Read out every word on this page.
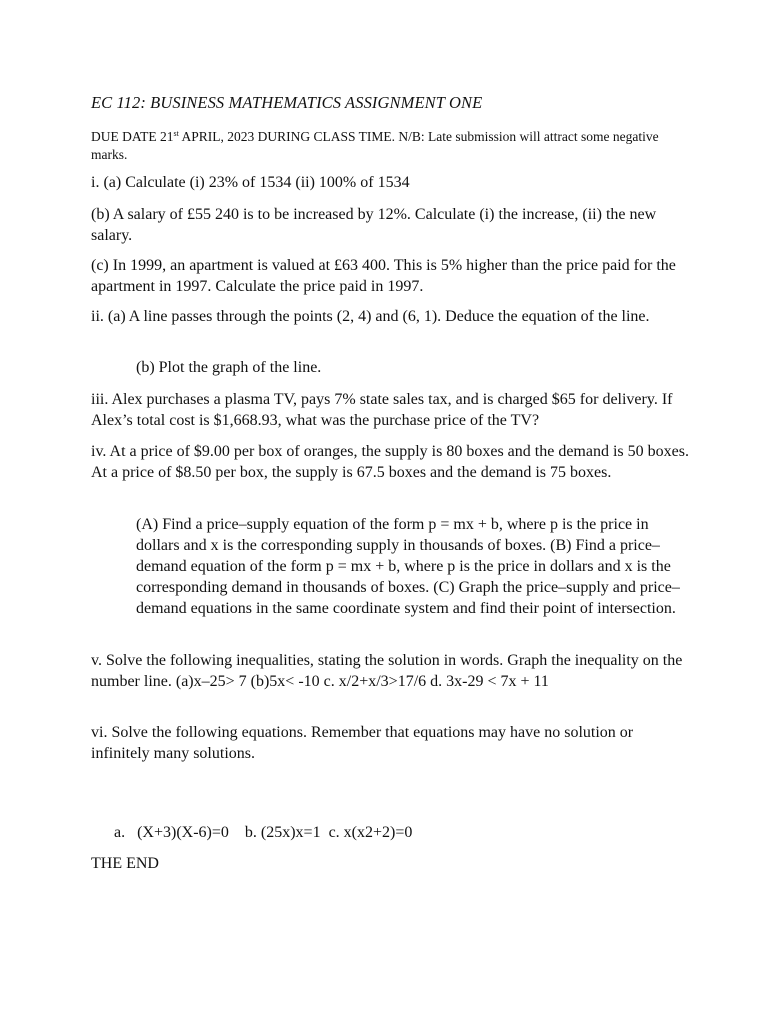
EC 112: BUSINESS MATHEMATICS ASSIGNMENT ONE
DUE DATE 21st APRIL, 2023 DURING CLASS TIME. N/B: Late submission will attract some negative marks.

i. (a) Calculate (i) 23% of 1534 (ii) 100% of 1534

(b) A salary of £55 240 is to be increased by 12%. Calculate (i) the increase, (ii) the new salary.

(c) In 1999, an apartment is valued at £63 400. This is 5% higher than the price paid for the apartment in 1997. Calculate the price paid in 1997.

ii. (a) A line passes through the points (2, 4) and (6, 1). Deduce the equation of the line.

(b) Plot the graph of the line.

iii. Alex purchases a plasma TV, pays 7% state sales tax, and is charged $65 for delivery. If Alex’s total cost is $1,668.93, what was the purchase price of the TV?

iv. At a price of $9.00 per box of oranges, the supply is 80 boxes and the demand is 50 boxes. At a price of $8.50 per box, the supply is 67.5 boxes and the demand is 75 boxes.

(A) Find a price–supply equation of the form p = mx + b, where p is the price in dollars and x is the corresponding supply in thousands of boxes. (B) Find a price–demand equation of the form p = mx + b, where p is the price in dollars and x is the corresponding demand in thousands of boxes. (C) Graph the price–supply and price–demand equations in the same coordinate system and find their point of intersection.

v. Solve the following inequalities, stating the solution in words. Graph the inequality on the number line. (a)x–25> 7 (b)5x< -10 c. x/2+x/3>17/6 d. 3x-29 < 7x + 11

vi. Solve the following equations. Remember that equations may have no solution or infinitely many solutions.

a.   (X+3)(X-6)=0    b. (25x)x=1  c. x(x2+2)=0
THE END
